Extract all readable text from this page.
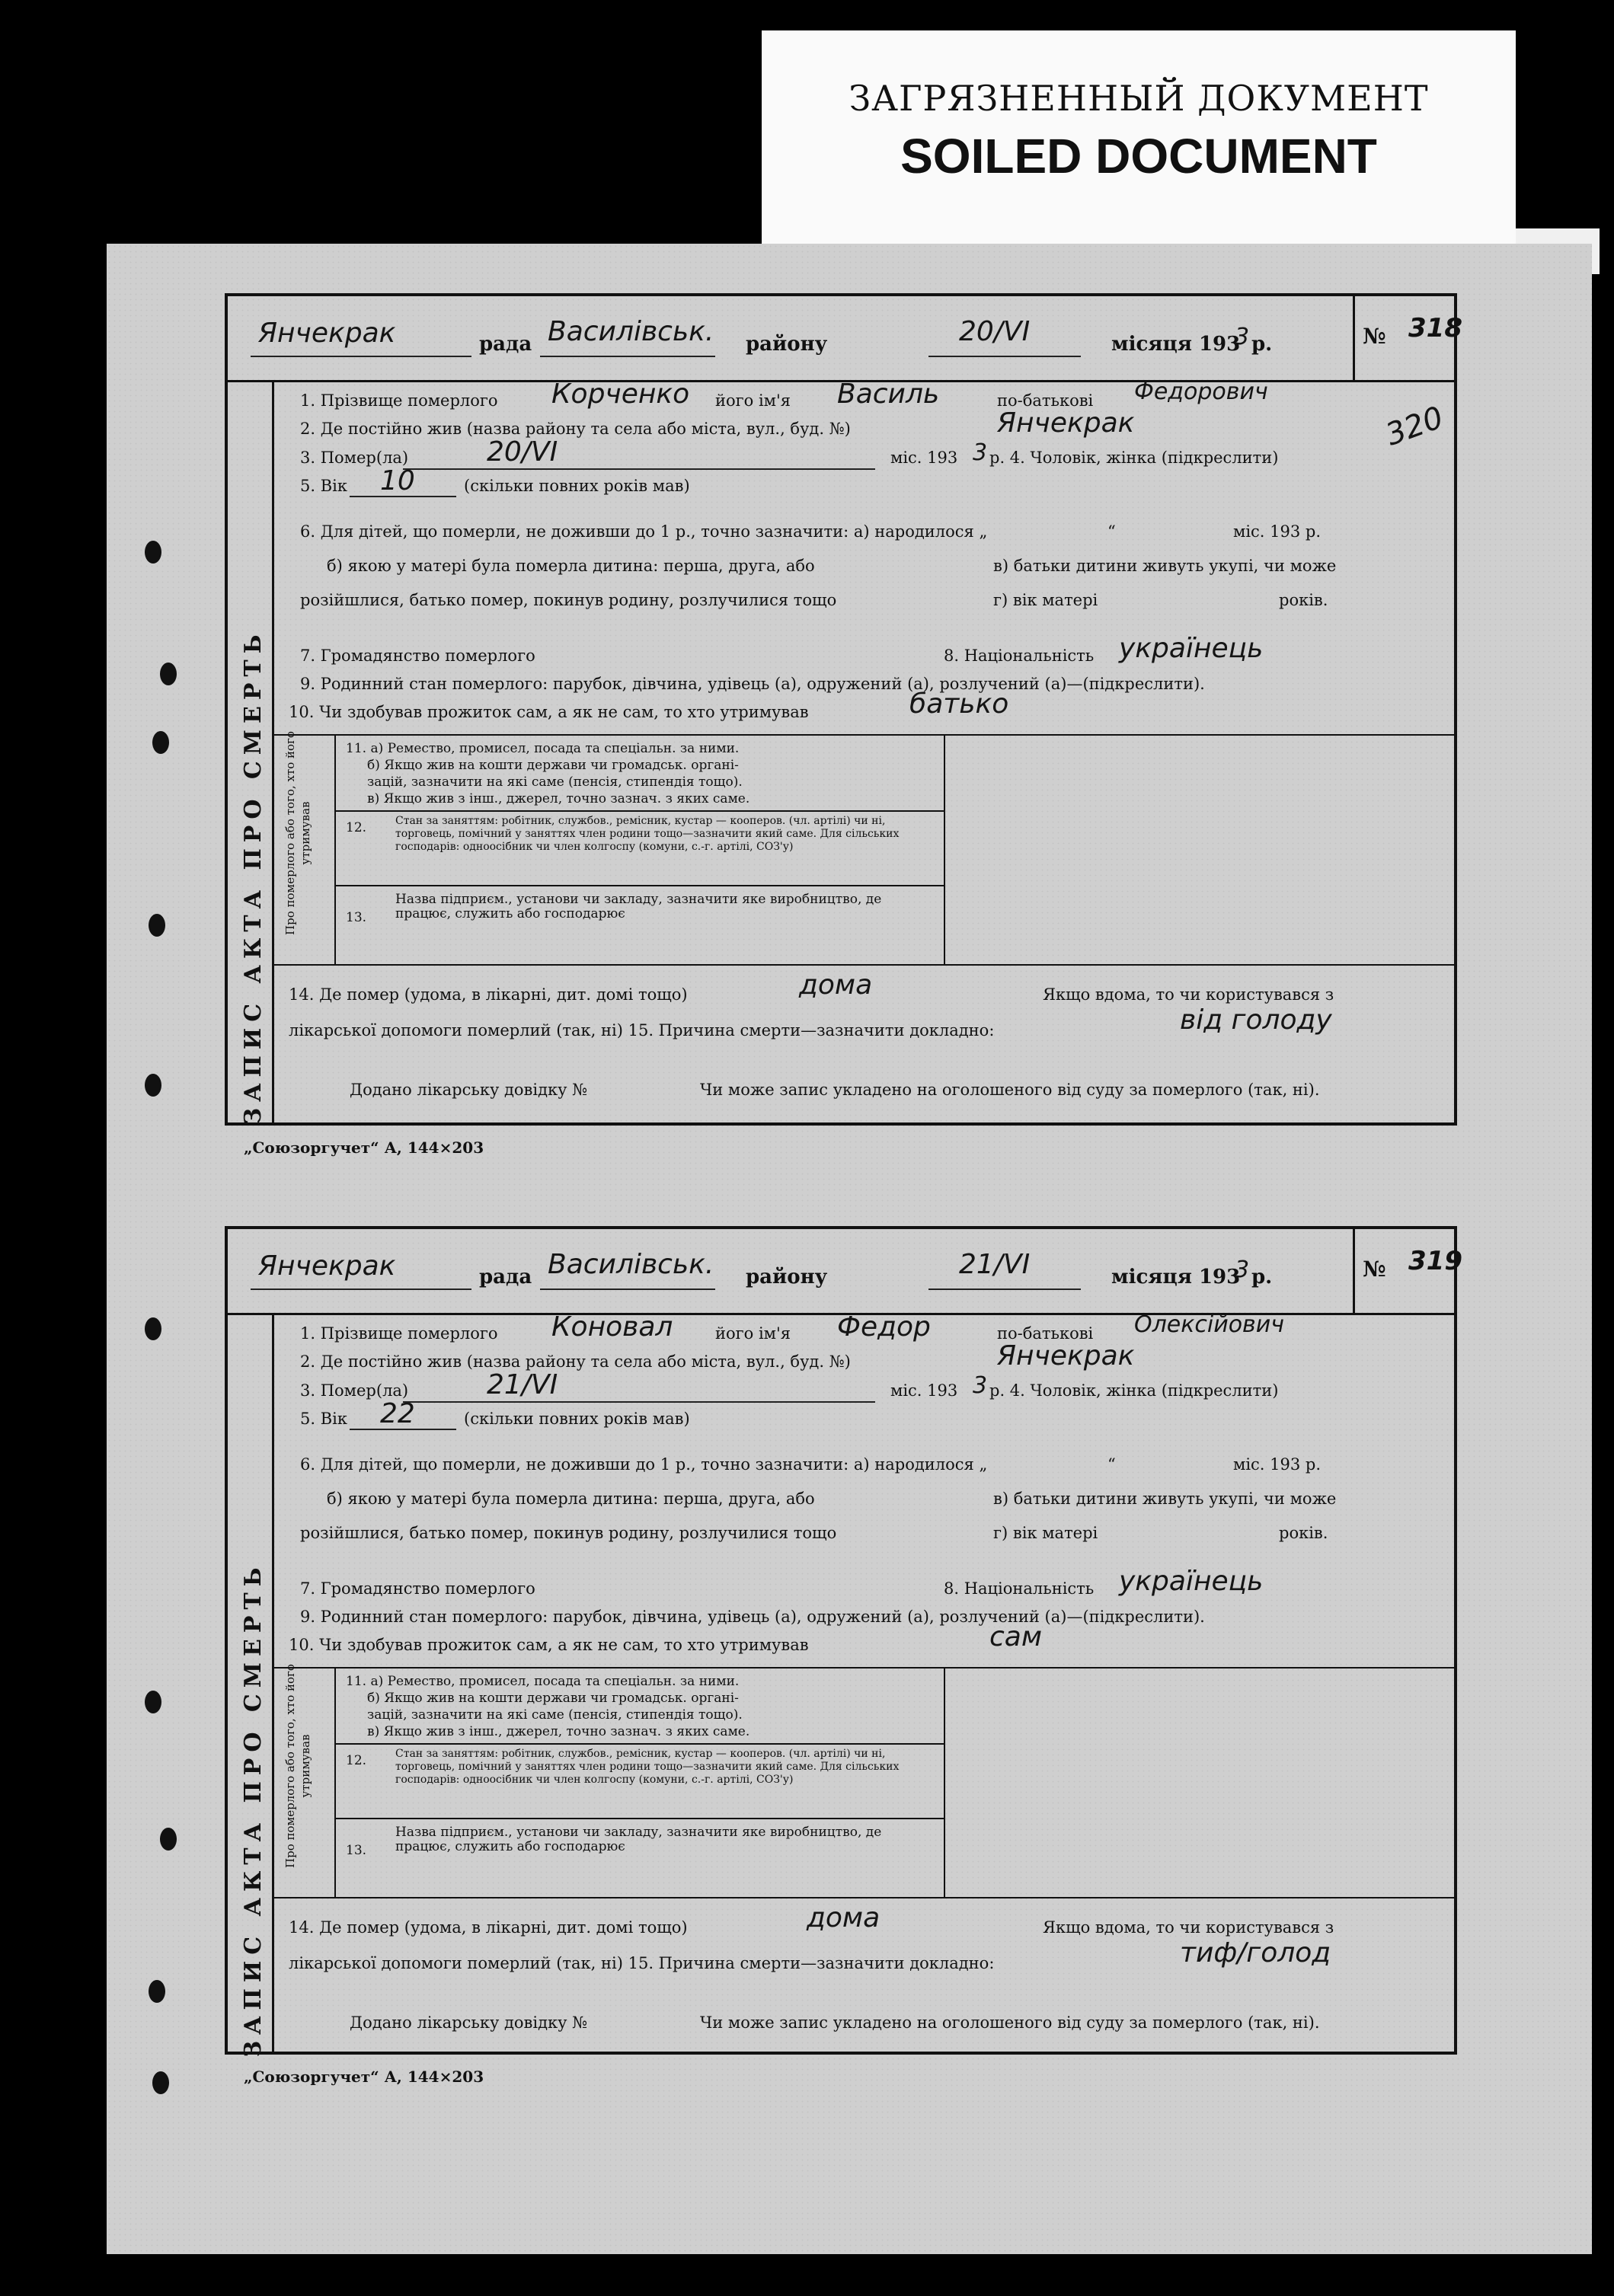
ЗАГРЯЗНЕННЫЙ ДОКУМЕНТ
SOILED DOCUMENT
Янчекрак	рада Василівськ. району	20/VI	місяця 193
3 р.	№ 318
ЗАПИС АКТА ПРО СМЕРТЬ
1. Прізвище померлого Корченко його ім'я Василь	по-батькові Федорович
2. Де постійно жив (назва району та села або міста, вул., буд. №)	Янчекрак
3. Помер(ла)	20/VI	міс. 193 3 р. 4. Чоловік, жінка (підкреслити)
320
5. Вік 10	(скільки повних років мав)
6. Для дітей, що померли, не доживши до 1 р., точно зазначити: а) народилося „	“	міс. 193 р.
б) якою у матері була померла дитина: перша, друга, або	в) батьки дитини живуть укупі, чи може
розійшлися, батько помер, покинув родину, розлучилися тощо	г) вік матері	років.
7. Громадянство померлого	8. Національність українець
9. Родинний стан померлого: парубок, дівчина, удівець (а), одружений (а), розлучений (а)—(підкреслити).
10. Чи здобував прожиток сам, а як не сам, то хто утримував	батько
Про померлого або того, хто його утримував
11. а) Ремество, промисел, посада та спеціальн. за ними.
б) Якщо жив на кошти держави чи громадськ. органі-
зацій, зазначити на які саме (пенсія, стипендія тощо).
в) Якщо жив з інш., джерел, точно зазнач. з яких саме.
12.	Стан за заняттям: робітник, службов., ремісник, кустар — кооперов. (чл. артілі) чи ні, торговець, помічний у заняттях член родини тощо—зазначити який саме. Для сільських господарів: одноосібник чи член колгоспу (комуни, с.-г. артілі, СОЗ'у)
13.
Назва підприєм., установи чи закладу, зазначити яке виробництво, де працює, служить або господарює
14. Де помер (удома, в лікарні, дит. домі тощо)	дома	Якщо вдома, то чи користувався з
лікарської допомоги померлий (так, ні) 15. Причина смерти—зазначити докладно:	від голоду
Додано лікарську довідку №	Чи може запис укладено на оголошеного від суду за померлого (так, ні).
„Союзоргучет“ А, 144×203
Янчекрак	рада Василівськ. району	21/VI	місяця 193
3 р.	№ 319
ЗАПИС АКТА ПРО СМЕРТЬ
1. Прізвище померлого Коновал	його ім'я Федор	по-батькові Олексійович
2. Де постійно жив (назва району та села або міста, вул., буд. №)	Янчекрак
3. Помер(ла)	21/VI	міс. 193 3 р. 4. Чоловік, жінка (підкреслити)
5. Вік 22	(скільки повних років мав)
6. Для дітей, що померли, не доживши до 1 р., точно зазначити: а) народилося „	“	міс. 193 р.
б) якою у матері була померла дитина: перша, друга, або	в) батьки дитини живуть укупі, чи може
розійшлися, батько помер, покинув родину, розлучилися тощо	г) вік матері	років.
7. Громадянство померлого	8. Національність українець
9. Родинний стан померлого: парубок, дівчина, удівець (а), одружений (а), розлучений (а)—(підкреслити).
10. Чи здобував прожиток сам, а як не сам, то хто утримував	сам
Про померлого або того, хто його утримував
11. а) Ремество, промисел, посада та спеціальн. за ними.
б) Якщо жив на кошти держави чи громадськ. органі-
зацій, зазначити на які саме (пенсія, стипендія тощо).
в) Якщо жив з інш., джерел, точно зазнач. з яких саме.
12.	Стан за заняттям: робітник, службов., ремісник, кустар — кооперов. (чл. артілі) чи ні, торговець, помічний у заняттях член родини тощо—зазначити який саме. Для сільських господарів: одноосібник чи член колгоспу (комуни, с.-г. артілі, СОЗ'у)
13.
Назва підприєм., установи чи закладу, зазначити яке виробництво, де працює, служить або господарює
14. Де помер (удома, в лікарні, дит. домі тощо)	дома	Якщо вдома, то чи користувався з
лікарської допомоги померлий (так, ні) 15. Причина смерти—зазначити докладно:	тиф/голод
Додано лікарську довідку №	Чи може запис укладено на оголошеного від суду за померлого (так, ні).
„Союзоргучет“ А, 144×203
